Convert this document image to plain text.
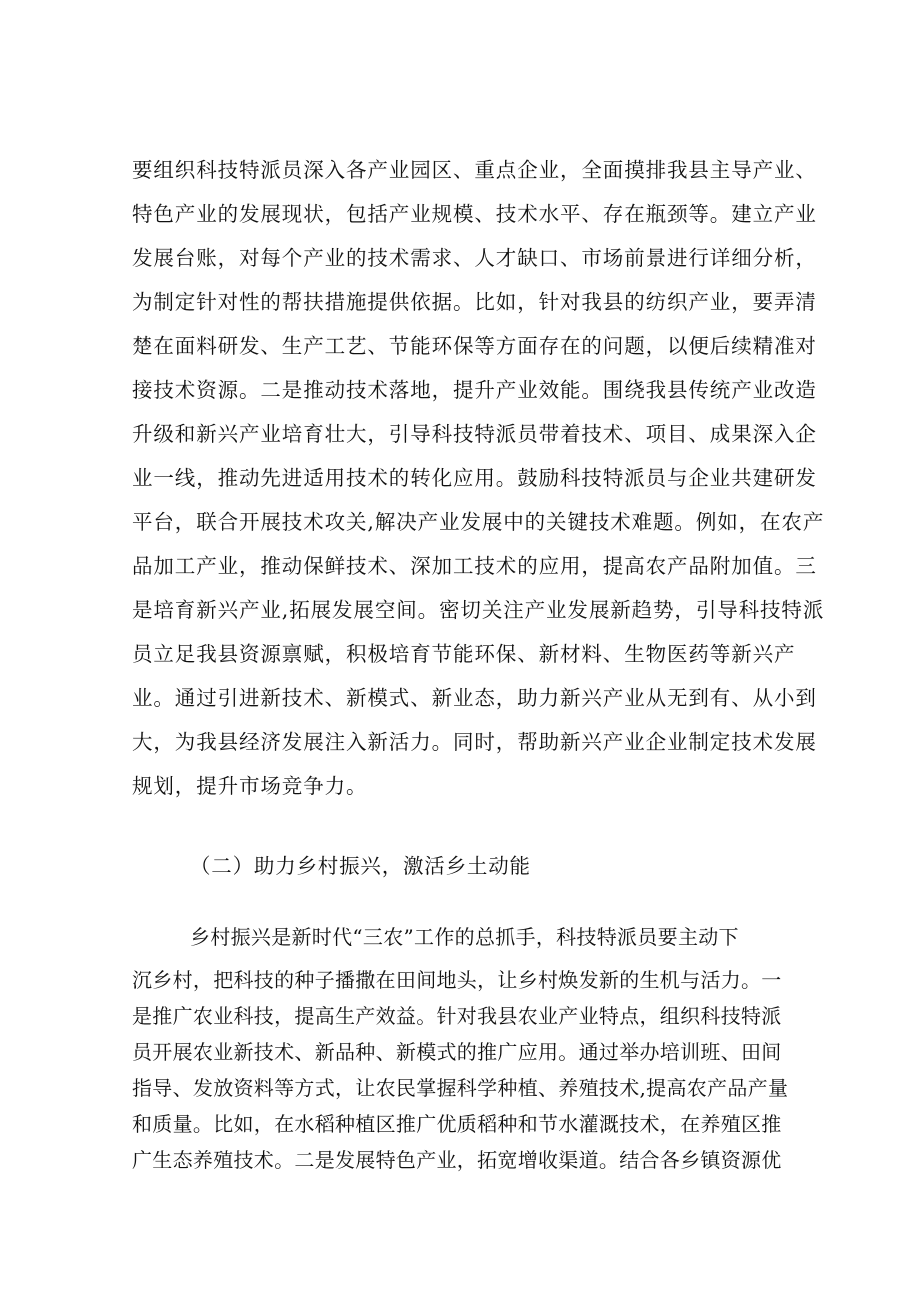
要组织科技特派员深入各产业园区、重点企业，全面摸排我县主导产业、
特色产业的发展现状，包括产业规模、技术水平、存在瓶颈等。建立产业
发展台账，对每个产业的技术需求、人才缺口、市场前景进行详细分析，
为制定针对性的帮扶措施提供依据。比如，针对我县的纺织产业，要弄清
楚在面料研发、生产工艺、节能环保等方面存在的问题，以便后续精准对
接技术资源。二是推动技术落地，提升产业效能。围绕我县传统产业改造
升级和新兴产业培育壮大，引导科技特派员带着技术、项目、成果深入企
业一线，推动先进适用技术的转化应用。鼓励科技特派员与企业共建研发
平台，联合开展技术攻关,解决产业发展中的关键技术难题。例如，在农产
品加工产业，推动保鲜技术、深加工技术的应用，提高农产品附加值。三
是培育新兴产业,拓展发展空间。密切关注产业发展新趋势，引导科技特派
员立足我县资源禀赋，积极培育节能环保、新材料、生物医药等新兴产
业。通过引进新技术、新模式、新业态，助力新兴产业从无到有、从小到
大，为我县经济发展注入新活力。同时，帮助新兴产业企业制定技术发展
规划，提升市场竞争力。
（二）助力乡村振兴，激活乡土动能
乡村振兴是新时代“三农”工作的总抓手，科技特派员要主动下
沉乡村，把科技的种子播撒在田间地头，让乡村焕发新的生机与活力。一
是推广农业科技，提高生产效益。针对我县农业产业特点，组织科技特派
员开展农业新技术、新品种、新模式的推广应用。通过举办培训班、田间
指导、发放资料等方式，让农民掌握科学种植、养殖技术,提高农产品产量
和质量。比如，在水稻种植区推广优质稻种和节水灌溉技术，在养殖区推
广生态养殖技术。二是发展特色产业，拓宽增收渠道。结合各乡镇资源优
